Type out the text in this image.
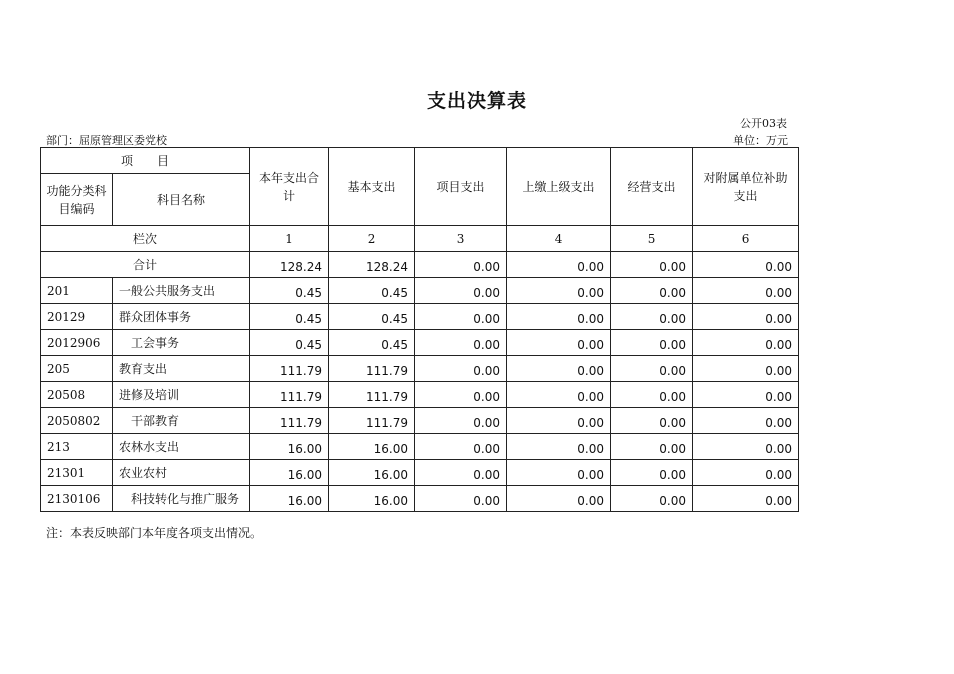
支出决算表
公开03表
部门：屈原管理区委党校	单位：万元
项　　目		本年支出合计	基本支出	项目支出	上缴上级支出	经营支出	对附属单位补助支出
功能分类科目编码	科目名称						
栏次		1	2	3	4	5	6
合计		128.24	128.24	0.00	0.00	0.00	0.00
201	一般公共服务支出	0.45	0.45	0.00	0.00	0.00	0.00
20129	群众团体事务	0.45	0.45	0.00	0.00	0.00	0.00
2012906	工会事务	0.45	0.45	0.00	0.00	0.00	0.00
205	教育支出	111.79	111.79	0.00	0.00	0.00	0.00
20508	进修及培训	111.79	111.79	0.00	0.00	0.00	0.00
2050802	干部教育	111.79	111.79	0.00	0.00	0.00	0.00
213	农林水支出	16.00	16.00	0.00	0.00	0.00	0.00
21301	农业农村	16.00	16.00	0.00	0.00	0.00	0.00
2130106	科技转化与推广服务	16.00	16.00	0.00	0.00	0.00	0.00
注：本表反映部门本年度各项支出情况。
